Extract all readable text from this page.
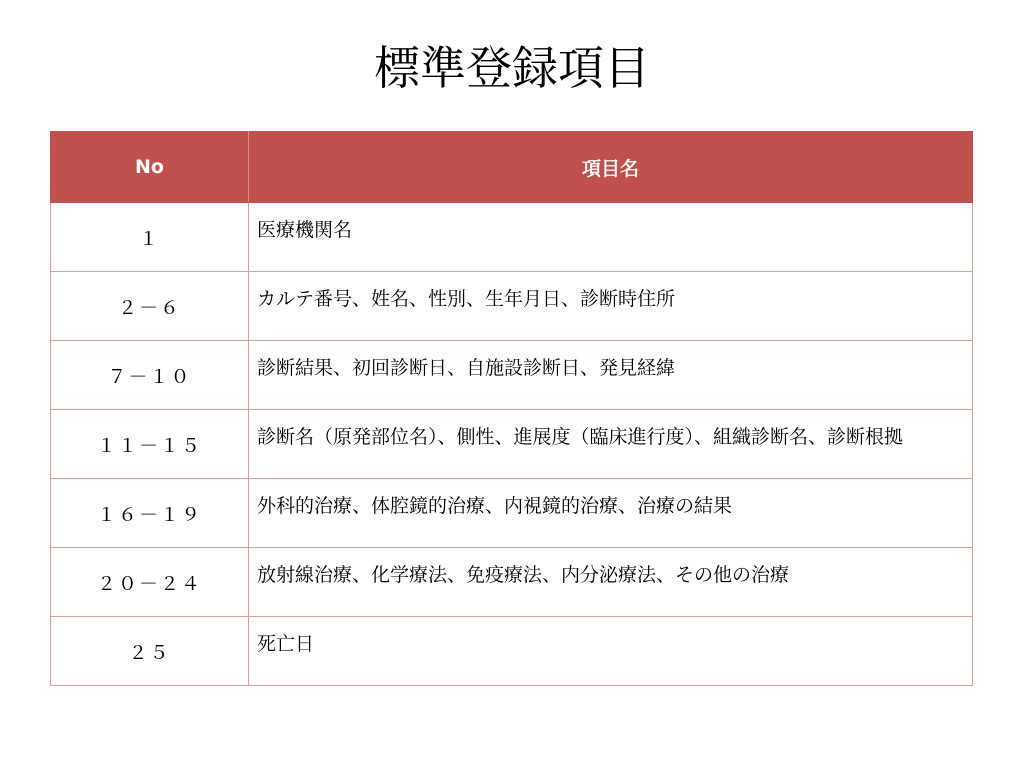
標準登録項目
No	項目名
１	医療機関名
２－６	カルテ番号、姓名、性別、生年月日、診断時住所
７－１０	診断結果、初回診断日、自施設診断日、発見経緯
１１－１５	診断名（原発部位名）、側性、進展度（臨床進行度）、組織診断名、診断根拠
１６－１９	外科的治療、体腔鏡的治療、内視鏡的治療、治療の結果
２０－２４	放射線治療、化学療法、免疫療法、内分泌療法、その他の治療
２５	死亡日
